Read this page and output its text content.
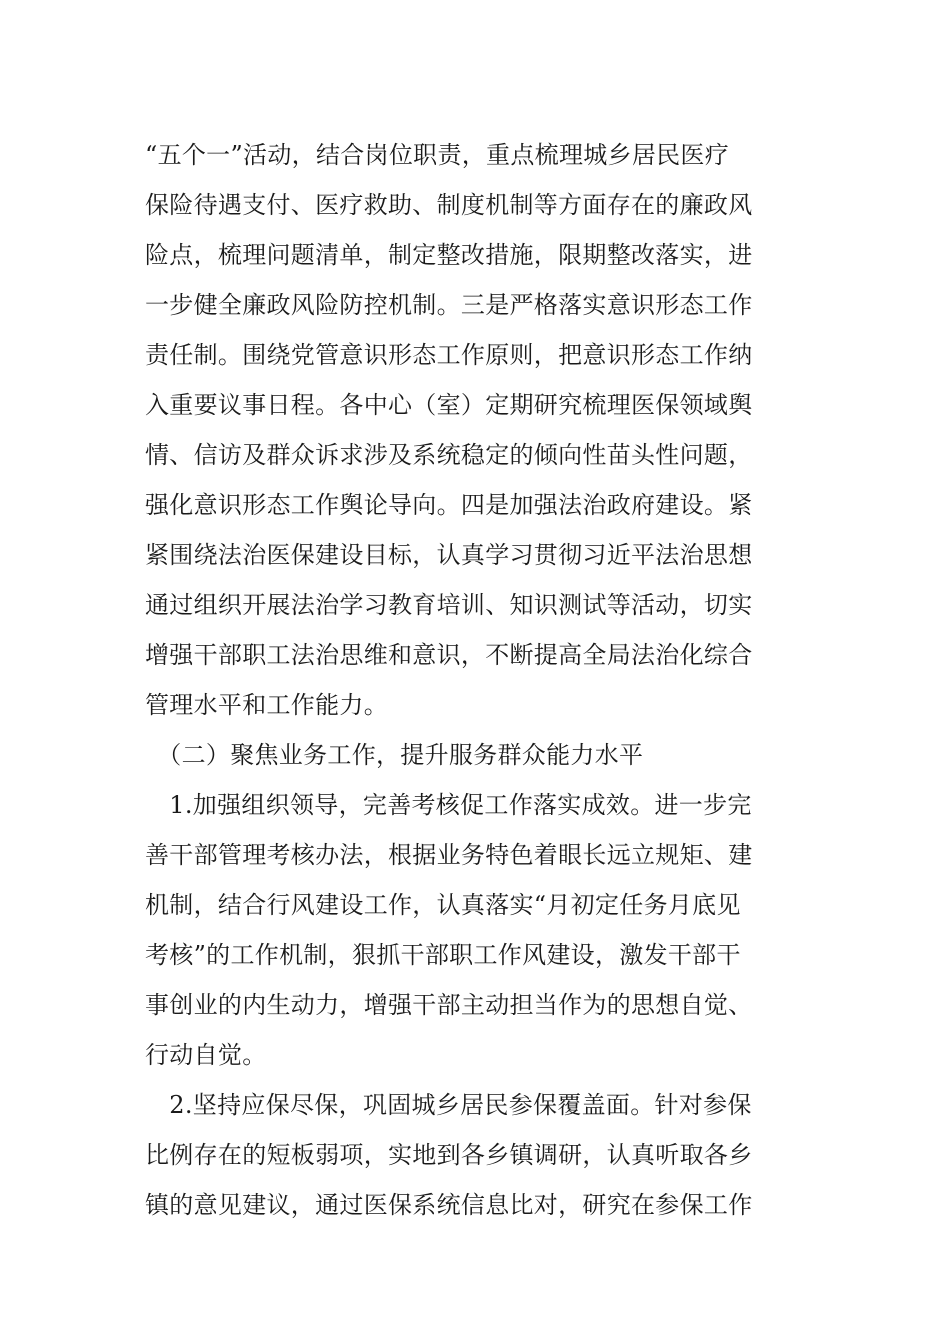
“五个一”活动，结合岗位职责，重点梳理城乡居民医疗
保险待遇支付、医疗救助、制度机制等方面存在的廉政风
险点，梳理问题清单，制定整改措施，限期整改落实，进
一步健全廉政风险防控机制。三是严格落实意识形态工作
责任制。围绕党管意识形态工作原则，把意识形态工作纳
入重要议事日程。各中心（室）定期研究梳理医保领域舆
情、信访及群众诉求涉及系统稳定的倾向性苗头性问题，
强化意识形态工作舆论导向。四是加强法治政府建设。紧
紧围绕法治医保建设目标，认真学习贯彻习近平法治思想
通过组织开展法治学习教育培训、知识测试等活动，切实
增强干部职工法治思维和意识，不断提高全局法治化综合
管理水平和工作能力。
　（二）聚焦业务工作，提升服务群众能力水平
　1.加强组织领导，完善考核促工作落实成效。进一步完
善干部管理考核办法，根据业务特色着眼长远立规矩、建
机制，结合行风建设工作，认真落实“月初定任务月底见
考核”的工作机制，狠抓干部职工作风建设，激发干部干
事创业的内生动力，增强干部主动担当作为的思想自觉、
行动自觉。
　2.坚持应保尽保，巩固城乡居民参保覆盖面。针对参保
比例存在的短板弱项，实地到各乡镇调研，认真听取各乡
镇的意见建议，通过医保系统信息比对，研究在参保工作
